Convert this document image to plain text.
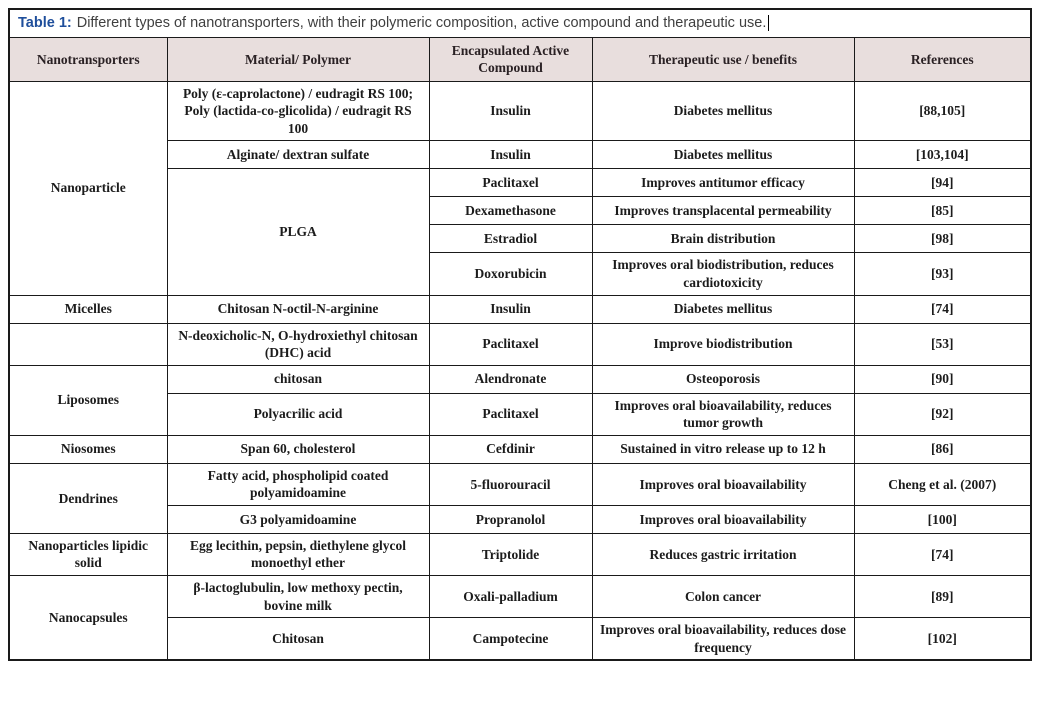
Table 1: Different types of nanotransporters, with their polymeric composition, active compound and therapeutic use.				
Nanotransporters	Material/ Polymer	Encapsulated Active Compound	Therapeutic use / benefits	References
Nanoparticle	Poly (ε-caprolactone) / eudragit RS 100; Poly (lactida-co-glicolida) / eudragit RS 100	Insulin	Diabetes mellitus	[88,105]
	Alginate/ dextran sulfate	Insulin	Diabetes mellitus	[103,104]
	PLGA	Paclitaxel	Improves antitumor efficacy	[94]
		Dexamethasone	Improves transplacental permeability	[85]
		Estradiol	Brain distribution	[98]
		Doxorubicin	Improves oral biodistribution, reduces cardiotoxicity	[93]
Micelles	Chitosan N-octil-N-arginine	Insulin	Diabetes mellitus	[74]
	N-deoxicholic-N, O-hydroxiethyl chitosan (DHC) acid	Paclitaxel	Improve biodistribution	[53]
Liposomes	chitosan	Alendronate	Osteoporosis	[90]
	Polyacrilic acid	Paclitaxel	Improves oral bioavailability, reduces tumor growth	[92]
Niosomes	Span 60, cholesterol	Cefdinir	Sustained in vitro release up to 12 h	[86]
Dendrines	Fatty acid, phospholipid coated polyamidoamine	5-fluorouracil	Improves oral bioavailability	Cheng et al. (2007)
	G3 polyamidoamine	Propranolol	Improves oral bioavailability	[100]
Nanoparticles lipidic solid	Egg lecithin, pepsin, diethylene glycol monoethyl ether	Triptolide	Reduces gastric irritation	[74]
Nanocapsules	β-lactoglubulin, low methoxy pectin, bovine milk	Oxali-palladium	Colon cancer	[89]
	Chitosan	Campotecine	Improves oral bioavailability, reduces dose frequency	[102]
